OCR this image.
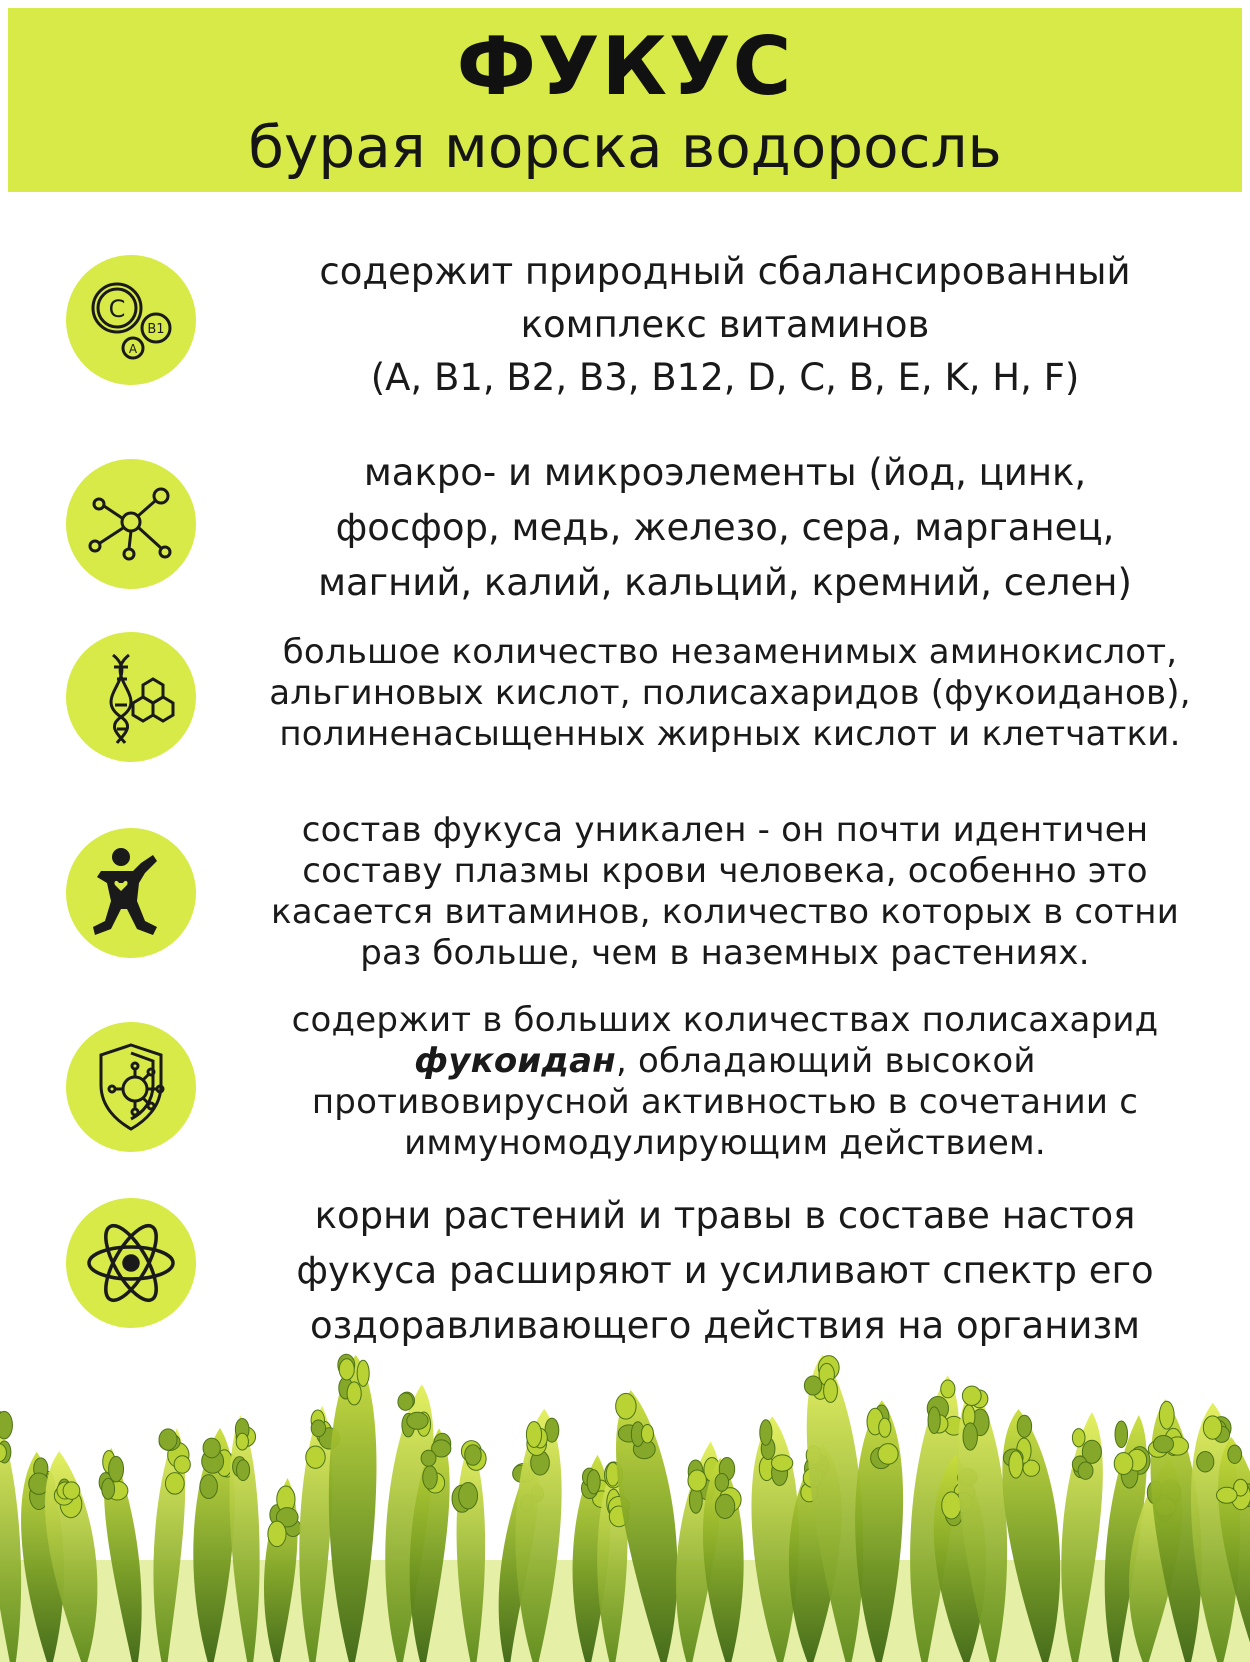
ФУКУС
бурая морска водоросль
C
B1
A
содержит природный сбалансированный
комплекс витаминов
(A, B1, B2, B3, B12, D, C, B, E, K, H, F)
макро- и микроэлементы (йод, цинк,
фосфор, медь, железо, сера, марганец,
магний, калий, кальций, кремний, селен)
большое количество незаменимых аминокислот,
альгиновых кислот, полисахаридов (фукоиданов),
полиненасыщенных жирных кислот и клетчатки.
состав фукуса уникален - он почти идентичен
составу плазмы крови человека, особенно это
касается витаминов, количество которых в сотни
раз больше, чем в наземных растениях.
содержит в больших количествах полисахарид
фукоидан, обладающий высокой
противовирусной активностью в сочетании с
иммуномодулирующим действием.
корни растений и травы в составе настоя
фукуса расширяют и усиливают спектр его
оздоравливающего действия на организм
